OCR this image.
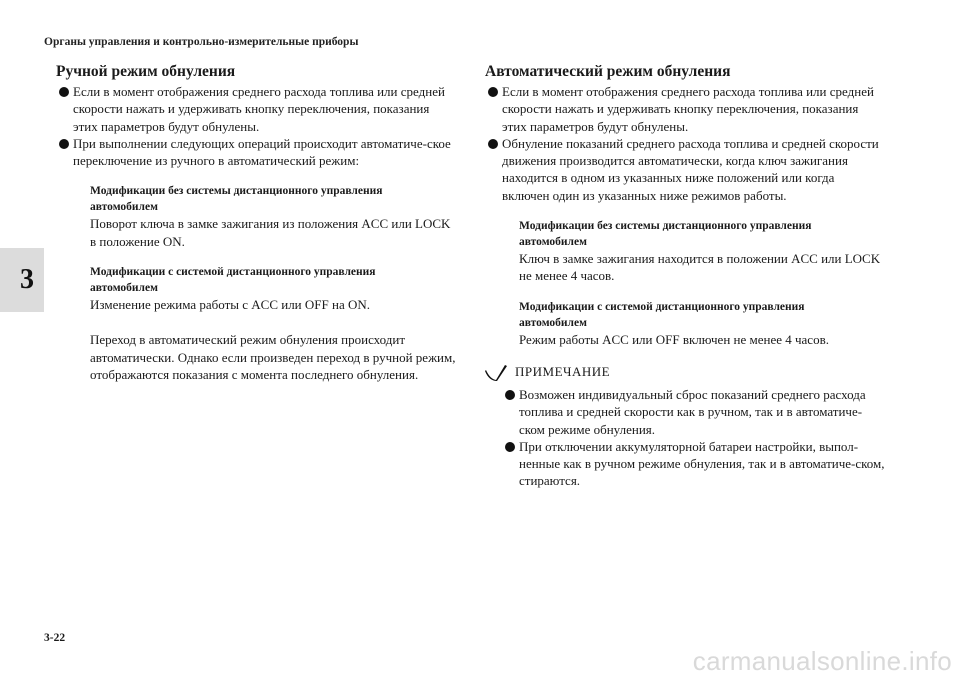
Органы управления и контрольно-измерительные приборы
3
Ручной режим обнуления
Если в момент отображения среднего расхода топлива или средней скорости нажать и удерживать кнопку переключения, показания этих параметров будут обнулены.
При выполнении следующих операций происходит автоматиче-ское переключение из ручного в автоматический режим:
Модификации без системы дистанционного управления автомобилем
Поворот ключа в замке зажигания из положения ACC или LOCK в положение ON.
Модификации с системой дистанционного управления автомобилем
Изменение режима работы с ACC или OFF на ON.
Переход в автоматический режим обнуления происходит автоматически. Однако если произведен переход в ручной режим, отображаются показания с момента последнего обнуления.
Автоматический режим обнуления
Если в момент отображения среднего расхода топлива или средней скорости нажать и удерживать кнопку переключения, показания этих параметров будут обнулены.
Обнуление показаний среднего расхода топлива и средней скорости движения производится автоматически, когда ключ зажигания находится в одном из указанных ниже положений или когда включен один из указанных ниже режимов работы.
Модификации без системы дистанционного управления автомобилем
Ключ в замке зажигания находится в положении ACC или LOCK не менее 4 часов.
Модификации с системой дистанционного управления автомобилем
Режим работы ACC или OFF включен не менее 4 часов.
ПРИМЕЧАНИЕ
Возможен индивидуальный сброс показаний среднего расхода топлива и средней скорости как в ручном, так и в автоматиче-ском режиме обнуления.
При отключении аккумуляторной батареи настройки, выпол-ненные как в ручном режиме обнуления, так и в автоматиче-ском, стираются.
3-22
carmanualsonline.info
